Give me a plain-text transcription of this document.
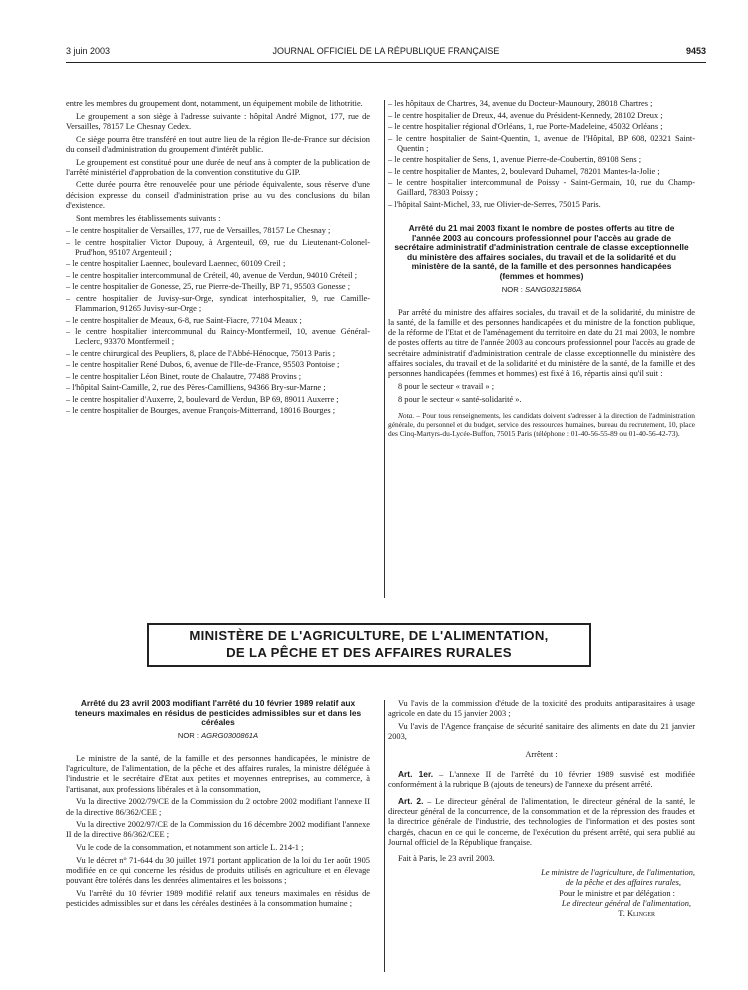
3 juin 2003	JOURNAL OFFICIEL DE LA RÉPUBLIQUE FRANÇAISE	9453

entre les membres du groupement dont, notamment, un équipement mobile de lithotritie.

Le groupement a son siège à l'adresse suivante : hôpital André Mignot, 177, rue de Versailles, 78157 Le Chesnay Cedex.

Ce siège pourra être transféré en tout autre lieu de la région Ile-de-France sur décision du conseil d'administration du groupement d'intérêt public.

Le groupement est constitué pour une durée de neuf ans à compter de la publication de l'arrêté ministériel d'approbation de la convention constitutive du GIP.

Cette durée pourra être renouvelée pour une période équivalente, sous réserve d'une décision expresse du conseil d'administration prise au vu des conclusions du bilan d'existence.

Sont membres les établissements suivants :

– le centre hospitalier de Versailles, 177, rue de Versailles, 78157 Le Chesnay ;
– le centre hospitalier Victor Dupouy, à Argenteuil, 69, rue du Lieutenant-Colonel-Prud'hon, 95107 Argenteuil ;
– le centre hospitalier Laennec, boulevard Laennec, 60109 Creil ;
– le centre hospitalier intercommunal de Créteil, 40, avenue de Verdun, 94010 Créteil ;
– le centre hospitalier de Gonesse, 25, rue Pierre-de-Theilly, BP 71, 95503 Gonesse ;
– centre hospitalier de Juvisy-sur-Orge, syndicat interhospitalier, 9, rue Camille-Flammarion, 91265 Juvisy-sur-Orge ;
– le centre hospitalier de Meaux, 6-8, rue Saint-Fiacre, 77104 Meaux ;
– le centre hospitalier intercommunal du Raincy-Montfermeil, 10, avenue Général-Leclerc, 93370 Montfermeil ;
– le centre chirurgical des Peupliers, 8, place de l'Abbé-Hénocque, 75013 Paris ;
– le centre hospitalier René Dubos, 6, avenue de l'Ile-de-France, 95503 Pontoise ;
– le centre hospitalier Léon Binet, route de Chalautre, 77488 Provins ;
– l'hôpital Saint-Camille, 2, rue des Pères-Camilliens, 94366 Bry-sur-Marne ;
– le centre hospitalier d'Auxerre, 2, boulevard de Verdun, BP 69, 89011 Auxerre ;
– le centre hospitalier de Bourges, avenue François-Mitterrand, 18016 Bourges ;
– les hôpitaux de Chartres, 34, avenue du Docteur-Maunoury, 28018 Chartres ;
– le centre hospitalier de Dreux, 44, avenue du Président-Kennedy, 28102 Dreux ;
– le centre hospitalier régional d'Orléans, 1, rue Porte-Madeleine, 45032 Orléans ;
– le centre hospitalier de Saint-Quentin, 1, avenue de l'Hôpital, BP 608, 02321 Saint-Quentin ;
– le centre hospitalier de Sens, 1, avenue Pierre-de-Coubertin, 89108 Sens ;
– le centre hospitalier de Mantes, 2, boulevard Duhamel, 78201 Mantes-la-Jolie ;
– le centre hospitalier intercommunal de Poissy - Saint-Germain, 10, rue du Champ-Gaillard, 78303 Poissy ;
– l'hôpital Saint-Michel, 33, rue Olivier-de-Serres, 75015 Paris.
Arrêté du 21 mai 2003 fixant le nombre de postes offerts au titre de l'année 2003 au concours professionnel pour l'accès au grade de secrétaire administratif d'administration centrale de classe exceptionnelle du ministère des affaires sociales, du travail et de la solidarité et du ministère de la santé, de la famille et des personnes handicapées (femmes et hommes)
NOR : SANG0321586A

Par arrêté du ministre des affaires sociales, du travail et de la solidarité, du ministre de la santé, de la famille et des personnes handicapées et du ministre de la fonction publique, de la réforme de l'Etat et de l'aménagement du territoire en date du 21 mai 2003, le nombre de postes offerts au titre de l'année 2003 au concours professionnel pour l'accès au grade de secrétaire administratif d'administration centrale de classe exceptionnelle du ministère des affaires sociales, du travail et de la solidarité et du ministère de la santé, de la famille et des personnes handicapées (femmes et hommes) est fixé à 16, répartis ainsi qu'il suit :

8 pour le secteur « travail » ;

8 pour le secteur « santé-solidarité ».

Nota. – Pour tous renseignements, les candidats doivent s'adresser à la direction de l'administration générale, du personnel et du budget, service des ressources humaines, bureau du recrutement, 10, place des Cinq-Martyrs-du-Lycée-Buffon, 75015 Paris (téléphone : 01-40-56-55-89 ou 01-40-56-42-73).

MINISTÈRE DE L'AGRICULTURE, DE L'ALIMENTATION,
DE LA PÊCHE ET DES AFFAIRES RURALES
Arrêté du 23 avril 2003 modifiant l'arrêté du 10 février 1989 relatif aux teneurs maximales en résidus de pesticides admissibles sur et dans les céréales
NOR : AGRG0300861A

Le ministre de la santé, de la famille et des personnes handicapées, le ministre de l'agriculture, de l'alimentation, de la pêche et des affaires rurales, la ministre déléguée à l'industrie et le secrétaire d'Etat aux petites et moyennes entreprises, au commerce, à l'artisanat, aux professions libérales et à la consommation,

Vu la directive 2002/79/CE de la Commission du 2 octobre 2002 modifiant l'annexe II de la directive 86/362/CEE ;

Vu la directive 2002/97/CE de la Commission du 16 décembre 2002 modifiant l'annexe II de la directive 86/362/CEE ;

Vu le code de la consommation, et notamment son article L. 214-1 ;

Vu le décret n° 71-644 du 30 juillet 1971 portant application de la loi du 1er août 1905 modifiée en ce qui concerne les résidus de produits utilisés en agriculture et en élevage pouvant être tolérés dans les denrées alimentaires et les boissons ;

Vu l'arrêté du 10 février 1989 modifié relatif aux teneurs maximales en résidus de pesticides admissibles sur et dans les céréales destinées à la consommation humaine ;

Vu l'avis de la commission d'étude de la toxicité des produits antiparasitaires à usage agricole en date du 15 janvier 2003 ;

Vu l'avis de l'Agence française de sécurité sanitaire des aliments en date du 21 janvier 2003,

Arrêtent :

Art. 1er. – L'annexe II de l'arrêté du 10 février 1989 susvisé est modifiée conformément à la rubrique B (ajouts de teneurs) de l'annexe du présent arrêté.

Art. 2. – Le directeur général de l'alimentation, le directeur général de la santé, le directeur général de la concurrence, de la consommation et de la répression des fraudes et la directrice générale de l'industrie, des technologies de l'information et des postes sont chargés, chacun en ce qui le concerne, de l'exécution du présent arrêté, qui sera publié au Journal officiel de la République française.

Fait à Paris, le 23 avril 2003.

Le ministre de l'agriculture, de l'alimentation,

de la pêche et des affaires rurales,

Pour le ministre et par délégation :

Le directeur général de l'alimentation,

T. Klinger
